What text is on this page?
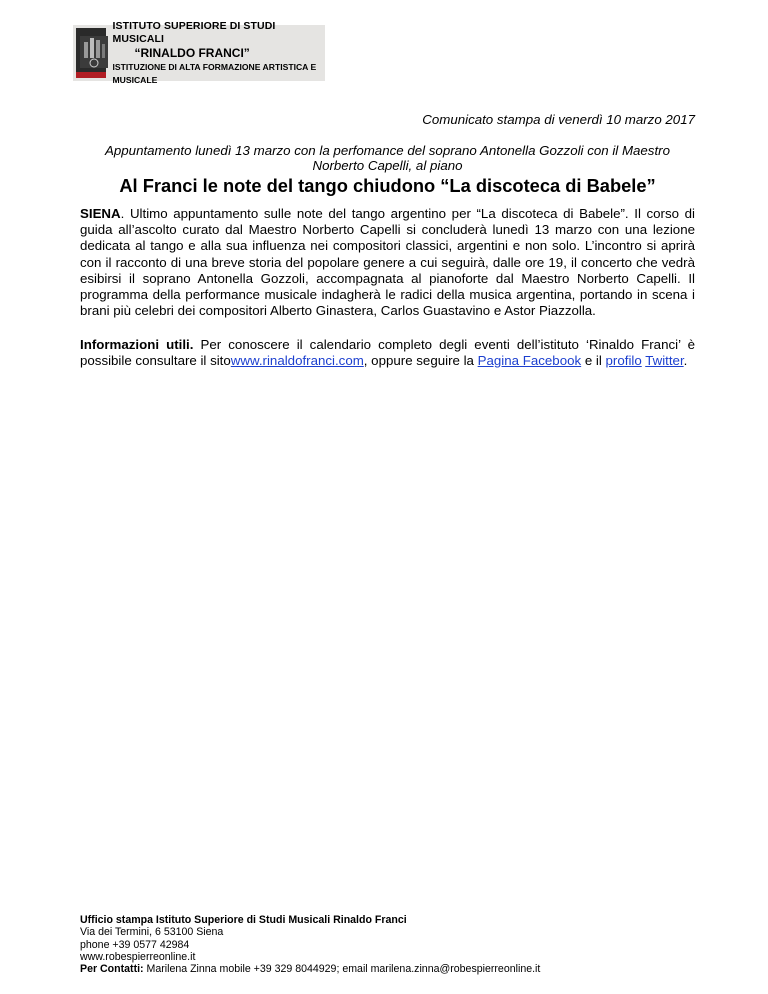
ISTITUTO SUPERIORE DI STUDI MUSICALI
“RINALDO FRANCI”
ISTITUZIONE DI ALTA FORMAZIONE ARTISTICA E MUSICALE
Comunicato stampa di venerdì 10 marzo 2017
Appuntamento lunedì 13 marzo con la perfomance del soprano Antonella Gozzoli con il Maestro
Norberto Capelli, al piano
Al Franci le note del tango chiudono “La discoteca di Babele”

SIENA. Ultimo appuntamento sulle note del tango argentino per “La discoteca di Babele”. Il corso di guida all’ascolto curato dal Maestro Norberto Capelli si concluderà lunedì 13 marzo con una lezione dedicata al tango e alla sua influenza nei compositori classici, argentini e non solo. L’incontro si aprirà con il racconto di una breve storia del popolare genere a cui seguirà, dalle ore 19, il concerto che vedrà esibirsi il soprano Antonella Gozzoli, accompagnata al pianoforte dal Maestro Norberto Capelli. Il programma della performance musicale indagherà le radici della musica argentina, portando in scena i brani più celebri dei compositori Alberto Ginastera, Carlos Guastavino e Astor Piazzolla.

Informazioni utili. Per conoscere il calendario completo degli eventi dell’istituto ‘Rinaldo Franci’ è possibile consultare il sitowww.rinaldofranci.com, oppure seguire la Pagina Facebook e il profilo Twitter.

Ufficio stampa Istituto Superiore di Studi Musicali Rinaldo Franci
Via dei Termini, 6 53100 Siena
phone +39 0577 42984
www.robespierreonline.it
Per Contatti: Marilena Zinna mobile +39 329 8044929; email marilena.zinna@robespierreonline.it
